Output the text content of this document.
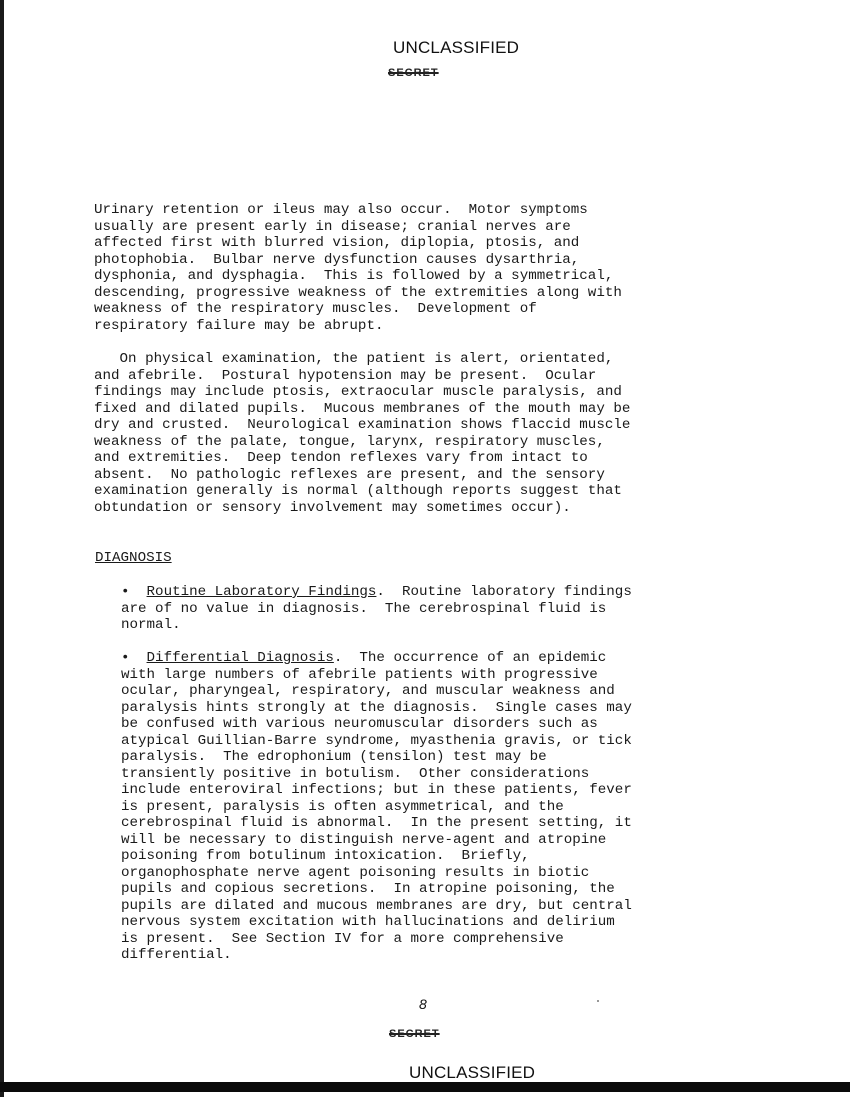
UNCLASSIFIED
SECRET
Urinary retention or ileus may also occur.  Motor symptoms
usually are present early in disease; cranial nerves are
affected first with blurred vision, diplopia, ptosis, and
photophobia.  Bulbar nerve dysfunction causes dysarthria,
dysphonia, and dysphagia.  This is followed by a symmetrical,
descending, progressive weakness of the extremities along with
weakness of the respiratory muscles.  Development of
respiratory failure may be abrupt.
On physical examination, the patient is alert, orientated,
and afebrile.  Postural hypotension may be present.  Ocular
findings may include ptosis, extraocular muscle paralysis, and
fixed and dilated pupils.  Mucous membranes of the mouth may be
dry and crusted.  Neurological examination shows flaccid muscle
weakness of the palate, tongue, larynx, respiratory muscles,
and extremities.  Deep tendon reflexes vary from intact to
absent.  No pathologic reflexes are present, and the sensory
examination generally is normal (although reports suggest that
obtundation or sensory involvement may sometimes occur).
DIAGNOSIS
•  Routine Laboratory Findings.  Routine laboratory findings
are of no value in diagnosis.  The cerebrospinal fluid is
normal.
•  Differential Diagnosis.  The occurrence of an epidemic
with large numbers of afebrile patients with progressive
ocular, pharyngeal, respiratory, and muscular weakness and
paralysis hints strongly at the diagnosis.  Single cases may
be confused with various neuromuscular disorders such as
atypical Guillian-Barre syndrome, myasthenia gravis, or tick
paralysis.  The edrophonium (tensilon) test may be
transiently positive in botulism.  Other considerations
include enteroviral infections; but in these patients, fever
is present, paralysis is often asymmetrical, and the
cerebrospinal fluid is abnormal.  In the present setting, it
will be necessary to distinguish nerve-agent and atropine
poisoning from botulinum intoxication.  Briefly,
organophosphate nerve agent poisoning results in biotic
pupils and copious secretions.  In atropine poisoning, the
pupils are dilated and mucous membranes are dry, but central
nervous system excitation with hallucinations and delirium
is present.  See Section IV for a more comprehensive
differential.
8
SECRET
UNCLASSIFIED
